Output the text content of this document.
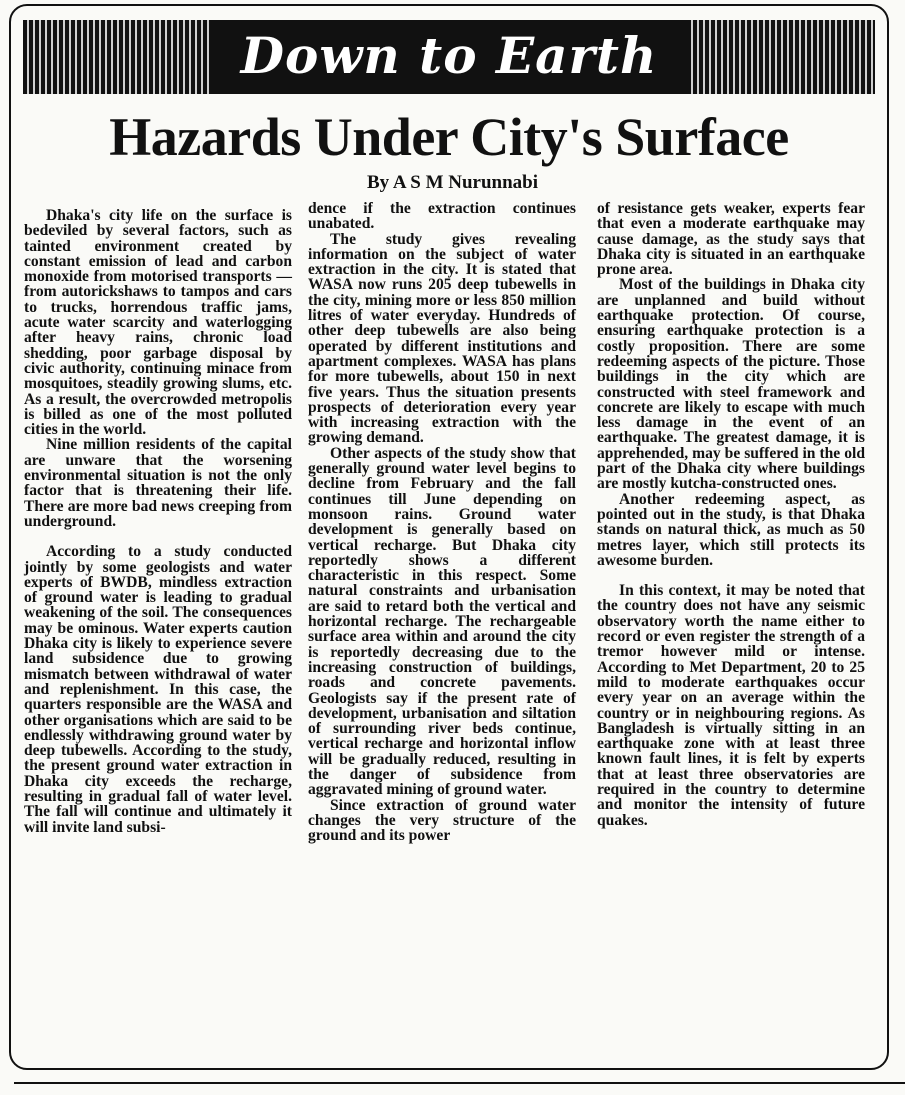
Down to Earth
Hazards Under City's Surface
By A S M Nurunnabi

Dhaka's city life on the surface is bedeviled by several factors, such as tainted environment created by constant emission of lead and carbon monoxide from motorised transports — from autorickshaws to tampos and cars to trucks, horrendous traffic jams, acute water scarcity and waterlogging after heavy rains, chronic load shedding, poor garbage disposal by civic authority, continuing minace from mosquitoes, steadily growing slums, etc. As a result, the overcrowded metropolis is billed as one of the most polluted cities in the world.

Nine million residents of the capital are unware that the worsening environmental situation is not the only factor that is threatening their life. There are more bad news creeping from underground.

According to a study conducted jointly by some geologists and water experts of BWDB, mindless extraction of ground water is leading to gradual weakening of the soil. The consequences may be ominous. Water experts caution Dhaka city is likely to experience severe land subsidence due to growing mismatch between withdrawal of water and replenishment. In this case, the quarters responsible are the WASA and other organisations which are said to be endlessly withdrawing ground water by deep tubewells. According to the study, the present ground water extraction in Dhaka city exceeds the recharge, resulting in gradual fall of water level. The fall will continue and ultimately it will invite land subsi-

dence if the extraction continues unabated.

The study gives revealing information on the subject of water extraction in the city. It is stated that WASA now runs 205 deep tubewells in the city, mining more or less 850 million litres of water everyday. Hundreds of other deep tubewells are also being operated by different institutions and apartment complexes. WASA has plans for more tubewells, about 150 in next five years. Thus the situation presents prospects of deterioration every year with increasing extraction with the growing demand.

Other aspects of the study show that generally ground water level begins to decline from February and the fall continues till June depending on monsoon rains. Ground water development is generally based on vertical recharge. But Dhaka city reportedly shows a different characteristic in this respect. Some natural constraints and urbanisation are said to retard both the vertical and horizontal recharge. The rechargeable surface area within and around the city is reportedly decreasing due to the increasing construction of buildings, roads and concrete pavements. Geologists say if the present rate of development, urbanisation and siltation of surrounding river beds continue, vertical recharge and horizontal inflow will be gradually reduced, resulting in the danger of subsidence from aggravated mining of ground water.

Since extraction of ground water changes the very structure of the ground and its power

of resistance gets weaker, experts fear that even a moderate earthquake may cause damage, as the study says that Dhaka city is situated in an earthquake prone area.

Most of the buildings in Dhaka city are unplanned and build without earthquake protection. Of course, ensuring earthquake protection is a costly proposition. There are some redeeming aspects of the picture. Those buildings in the city which are constructed with steel framework and concrete are likely to escape with much less damage in the event of an earthquake. The greatest damage, it is apprehended, may be suffered in the old part of the Dhaka city where buildings are mostly kutcha-constructed ones.

Another redeeming aspect, as pointed out in the study, is that Dhaka stands on natural thick, as much as 50 metres layer, which still protects its awesome burden.

In this context, it may be noted that the country does not have any seismic observatory worth the name either to record or even register the strength of a tremor however mild or intense. According to Met Department, 20 to 25 mild to moderate earthquakes occur every year on an average within the country or in neighbouring regions. As Bangladesh is virtually sitting in an earthquake zone with at least three known fault lines, it is felt by experts that at least three observatories are required in the country to determine and monitor the intensity of future quakes.
